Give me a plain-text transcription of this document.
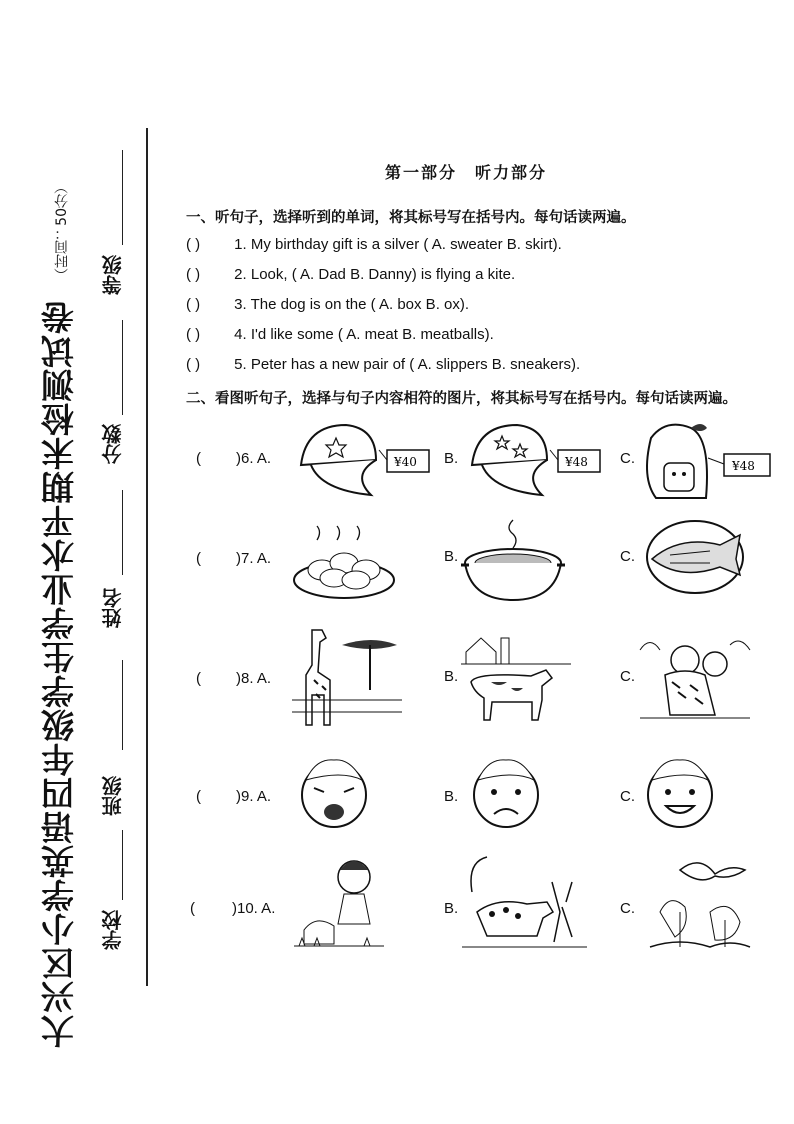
大兴区小学英语四年级学生学业水平期末检测试卷
（时间：50分）
学校
班级
姓名
分数
等级
第一部分　听力部分
一、听句子，选择听到的单词，将其标号写在括号内。每句话读两遍。
( ) 1. My birthday gift is a silver ( A. sweater B. skirt).
( ) 2. Look, ( A. Dad B. Danny) is flying a kite.
( ) 3. The dog is on the ( A. box B. ox).
( ) 4. I'd like some ( A. meat B. meatballs).
( ) 5. Peter has a new pair of ( A. slippers B. sneakers).
二、看图听句子，选择与句子内容相符的图片，将其标号写在括号内。每句话读两遍。
( )6. A.	¥40 B.	¥48 C.	¥48
( )7. A.	B.	C.
( )8. A.	B.	C.
( )9. A.	B.	C.
( )10. A.	B.	C.
